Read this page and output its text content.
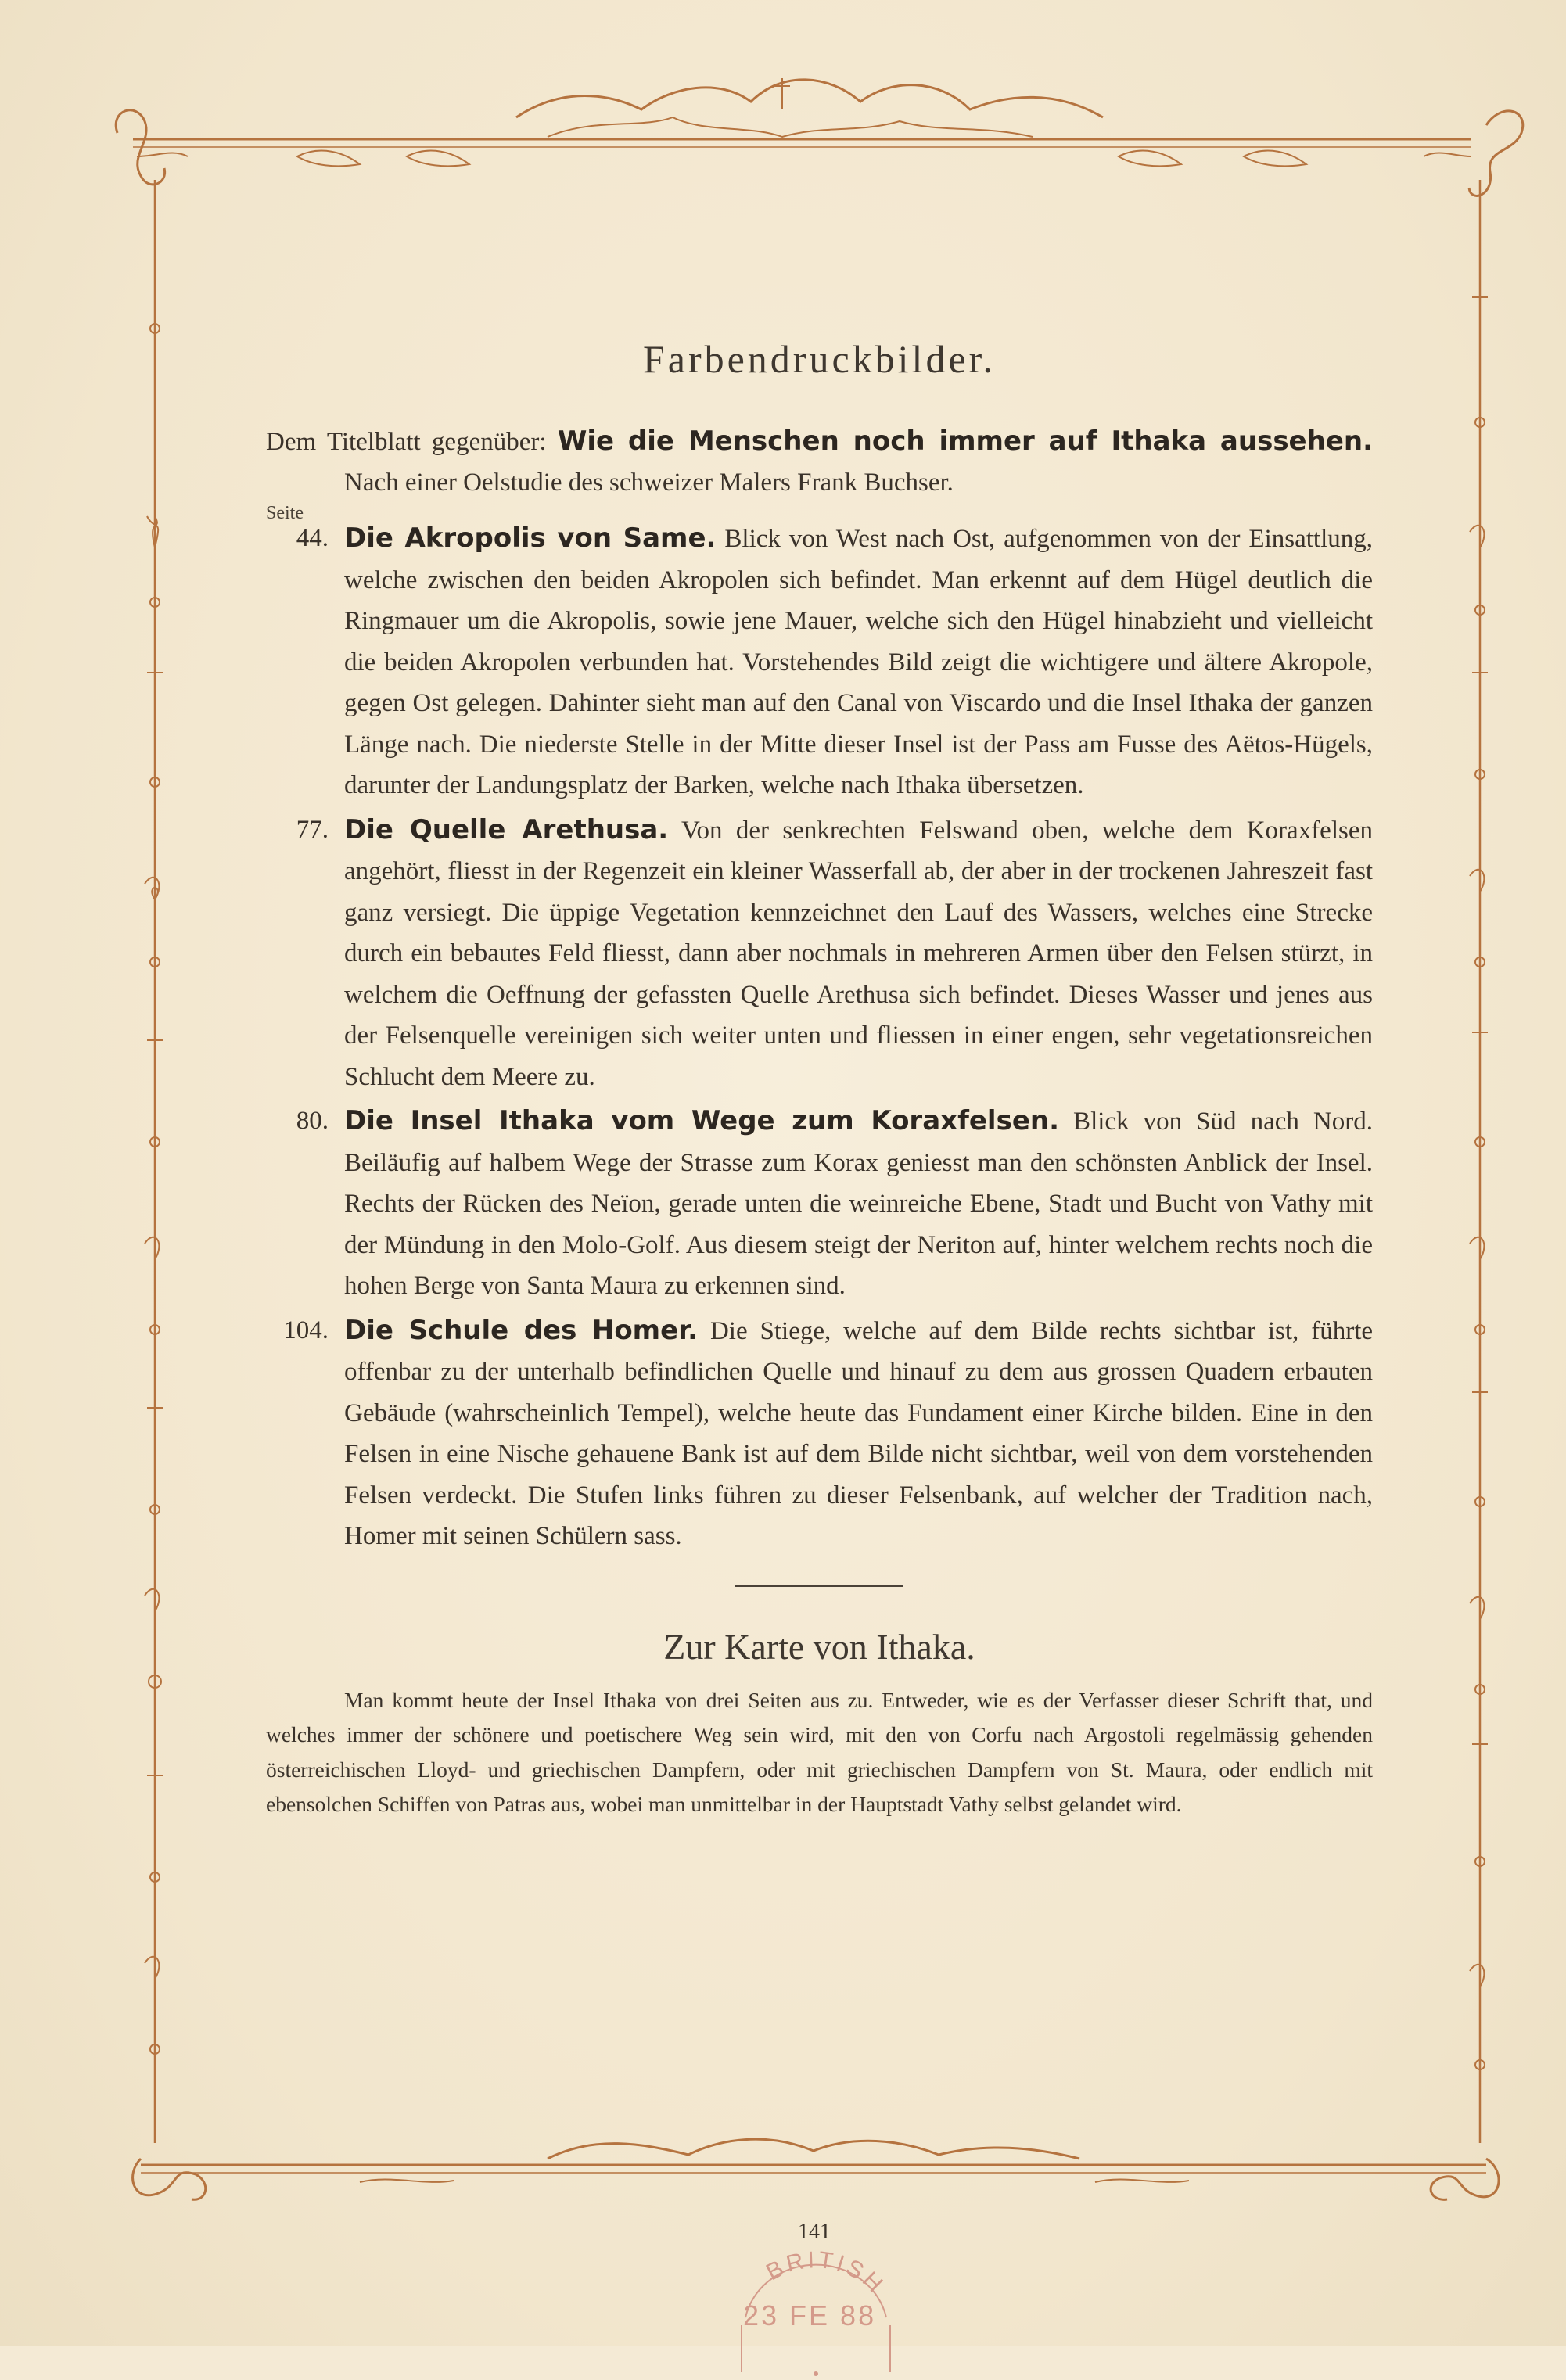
Farbendruckbilder.
Dem Titelblatt gegenüber: Wie die Menschen noch immer auf Ithaka aussehen. Nach einer Oelstudie des schweizer Malers Frank Buchser.
Seite
44. Die Akropolis von Same. Blick von West nach Ost, aufgenommen von der Einsattlung, welche zwischen den beiden Akropolen sich befindet. Man erkennt auf dem Hügel deutlich die Ringmauer um die Akropolis, sowie jene Mauer, welche sich den Hügel hinabzieht und vielleicht die beiden Akropolen verbunden hat. Vorstehendes Bild zeigt die wichtigere und ältere Akropole, gegen Ost gelegen. Dahinter sieht man auf den Canal von Viscardo und die Insel Ithaka der ganzen Länge nach. Die niederste Stelle in der Mitte dieser Insel ist der Pass am Fusse des Aëtos-Hügels, darunter der Landungsplatz der Barken, welche nach Ithaka übersetzen.
77. Die Quelle Arethusa. Von der senkrechten Felswand oben, welche dem Koraxfelsen angehört, fliesst in der Regenzeit ein kleiner Wasserfall ab, der aber in der trockenen Jahreszeit fast ganz versiegt. Die üppige Vegetation kennzeichnet den Lauf des Wassers, welches eine Strecke durch ein bebautes Feld fliesst, dann aber nochmals in mehreren Armen über den Felsen stürzt, in welchem die Oeffnung der gefassten Quelle Arethusa sich befindet. Dieses Wasser und jenes aus der Felsenquelle vereinigen sich weiter unten und fliessen in einer engen, sehr vegetationsreichen Schlucht dem Meere zu.
80. Die Insel Ithaka vom Wege zum Koraxfelsen. Blick von Süd nach Nord. Beiläufig auf halbem Wege der Strasse zum Korax geniesst man den schönsten Anblick der Insel. Rechts der Rücken des Neïon, gerade unten die weinreiche Ebene, Stadt und Bucht von Vathy mit der Mündung in den Molo-Golf. Aus diesem steigt der Neriton auf, hinter welchem rechts noch die hohen Berge von Santa Maura zu erkennen sind.
104. Die Schule des Homer. Die Stiege, welche auf dem Bilde rechts sichtbar ist, führte offenbar zu der unterhalb befindlichen Quelle und hinauf zu dem aus grossen Quadern erbauten Gebäude (wahrscheinlich Tempel), welche heute das Fundament einer Kirche bilden. Eine in den Felsen in eine Nische gehauene Bank ist auf dem Bilde nicht sichtbar, weil von dem vorstehenden Felsen verdeckt. Die Stufen links führen zu dieser Felsenbank, auf welcher der Tradition nach, Homer mit seinen Schülern sass.
Zur Karte von Ithaka.

Man kommt heute der Insel Ithaka von drei Seiten aus zu. Entweder, wie es der Verfasser dieser Schrift that, und welches immer der schönere und poetischere Weg sein wird, mit den von Corfu nach Argostoli regelmässig gehenden österreichischen Lloyd- und griechischen Dampfern, oder mit griechischen Dampfern von St. Maura, oder endlich mit ebensolchen Schiffen von Patras aus, wobei man unmittelbar in der Hauptstadt Vathy selbst gelandet wird.

141
BRITISH
23 FE 88
